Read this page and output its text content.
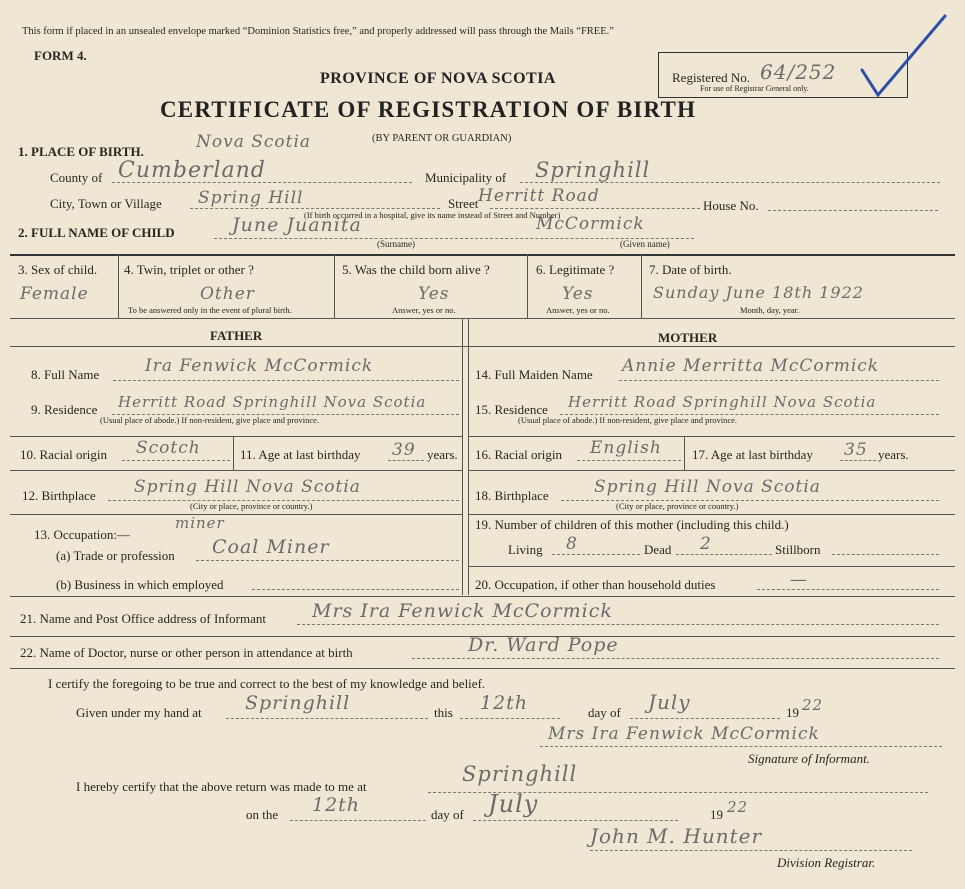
This form if placed in an unsealed envelope marked “Dominion Statistics free,” and properly addressed will pass through the Mails “FREE.”
FORM 4.
PROVINCE OF NOVA SCOTIA
CERTIFICATE OF REGISTRATION OF BIRTH
(BY PARENT OR GUARDIAN)
Registered No. 64/252
For use of Registrar General only.
1. PLACE OF BIRTH.	Nova Scotia
County of Cumberland	Municipality of Springhill
City, Town or Village Spring Hill	Street Herritt Road	House No.
(If birth occurred in a hospital, give its name instead of Street and Number)
2. FULL NAME OF CHILD	June Juanita	McCormick
(Surname)	(Given name)
3. Sex of child.
Female
4. Twin, triplet or other ?
Other
To be answered only in the event of plural birth.
5. Was the child born alive ?
Yes
Answer, yes or no.
6. Legitimate ?
Yes
Answer, yes or no.
7. Date of birth.
Sunday June 18th 1922
Month, day, year.
FATHER	MOTHER
8. Full Name	Ira Fenwick McCormick
9. Residence Herritt Road Springhill Nova Scotia
(Usual place of abode.) If non-resident, give place and province.
10. Racial origin Scotch	11. Age at last birthday 39 years.
12. Birthplace Spring Hill Nova Scotia
(City or place, province or country.)
13. Occupation:—
miner
(a) Trade or profession Coal Miner
(b) Business in which employed
14. Full Maiden Name Annie Merritta McCormick
15. Residence Herritt Road Springhill Nova Scotia
(Usual place of abode.) If non-resident, give place and province.
16. Racial origin English 17. Age at last birthday 35 years.
18. Birthplace	Spring Hill Nova Scotia
(City or place, province or country.)
19. Number of children of this mother (including this child.)
Living 8	Dead 2	Stillborn
20. Occupation, if other than household duties	—
21. Name and Post Office address of Informant Mrs Ira Fenwick McCormick
22. Name of Doctor, nurse or other person in attendance at birth	Dr. Ward Pope
I certify the foregoing to be true and correct to the best of my knowledge and belief.
Given under my hand at Springhill	this 12th	day of July	19 22
Mrs Ira Fenwick McCormick
Signature of Informant.
I hereby certify that the above return was made to me at
Springhill
on the 12th	day of July	19 22
John M. Hunter
Division Registrar.
